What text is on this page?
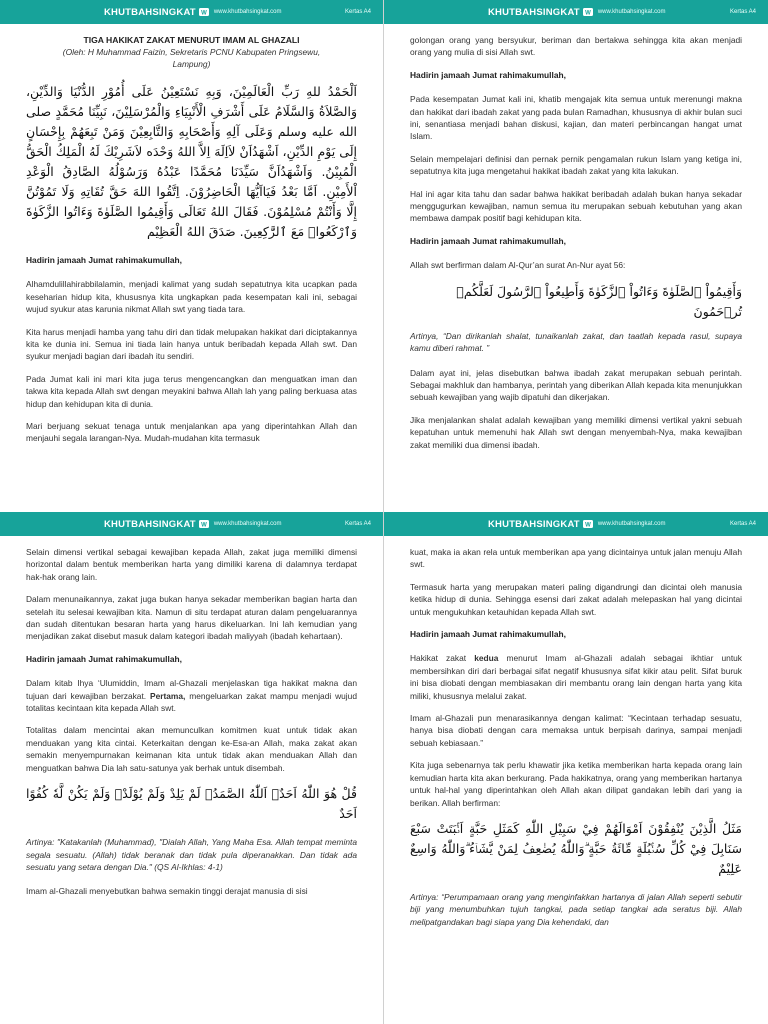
KHUTBAHSINGKAT W www.khutbahsingkat.com	Kertas A4
TIGA HAKIKAT ZAKAT MENURUT IMAM AL GHAZALI
(Oleh: H Muhammad Faizin, Sekretaris PCNU Kabupaten Pringsewu,
Lampung)
اَلْحَمْدُ للهِ رَبِّ الْعَالَمِيْنَ، وَبِهِ نَسْتَعِيْنُ عَلَى أُمُوْرِ الدُّنْيَا وَالدِّيْنِ، وَالصَّلاَةُ وَالسَّلَامُ عَلَى أَشْرَفِ الْأَنْبِيَاءِ وَالْمُرْسَلِيْنَ، نَبِيِّنَا مُحَمَّدٍ صلى الله عليه وسلم وَعَلَى آلِهِ وَأَصْحَابِهِ وَالتَّابِعِيْنَ وَمَنْ تَبِعَهُمْ بِإِحْسَانٍ إِلَى يَوْمِ الدِّيْنِ، اَشْهَدُاَنْ لاَاِلَهَ اِلاَّ اللهُ وَحْدَه لاَشَرِيْكَ لَهُ الْمَلِكُ الْحَقُّ الْمُبِيْنُ. وَاَشْهَدُاَنَّ سَيِّدَنَا مُحَمَّدًا عَبْدُهُ وَرَسُوْلُهُ الصَّادِقُ الْوَعْدِ اْلأَمِيْنِ. اَمَّا بَعْدُ فَيَااَيُّهَا الْحَاضِرُوْنَ. اِتَّقُوا اللهَ حَقَّ تُقَاتِهِ وَلَا تَمُوْتُنَّ إِلَّا وَأَنْتُمْ مُسْلِمُوْنَ. فَقَالَ اللهُ تَعَالَى وَأَقِيمُوا الصَّلَوٰةَ وَءَاتُوا الزَّكَوٰةَ وَٱرْكَعُوا۟ مَعَ ٱلرَّٰكِعِينَ. صَدَقَ اللهُ الْعَظِيْم
Hadirin jamaah Jumat rahimakumullah,
Alhamdulillahirabbilalamin, menjadi kalimat yang sudah sepatutnya kita ucapkan pada keseharian hidup kita, khususnya kita ungkapkan pada kesempatan kali ini, sebagai wujud syukur atas karunia nikmat Allah swt yang tiada tara.
Kita harus menjadi hamba yang tahu diri dan tidak melupakan hakikat dari diciptakannya kita ke dunia ini. Semua ini tiada lain hanya untuk beribadah kepada Allah swt. Dan syukur menjadi bagian dari ibadah itu sendiri.
Pada Jumat kali ini mari kita juga terus mengencangkan dan menguatkan iman dan takwa kita kepada Allah swt dengan meyakini bahwa Allah lah yang paling berkuasa atas hidup dan kehidupan kita di dunia.
Mari berjuang sekuat tenaga untuk menjalankan apa yang diperintahkan Allah dan menjauhi segala larangan-Nya. Mudah-mudahan kita termasuk
KHUTBAHSINGKAT W www.khutbahsingkat.com	Kertas A4
golongan orang yang bersyukur, beriman dan bertakwa sehingga kita akan menjadi orang yang mulia di sisi Allah swt.
Hadirin jamaah Jumat rahimakumullah,
Pada kesempatan Jumat kali ini, khatib mengajak kita semua untuk merenungi makna dan hakikat dari ibadah zakat yang pada bulan Ramadhan, khususnya di akhir bulan suci ini, senantiasa menjadi bahan diskusi, kajian, dan materi perbincangan hangat umat Islam.
Selain mempelajari definisi dan pernak pernik pengamalan rukun Islam yang ketiga ini, sepatutnya kita juga mengetahui hakikat ibadah zakat yang kita lakukan.
Hal ini agar kita tahu dan sadar bahwa hakikat beribadah adalah bukan hanya sekadar menggugurkan kewajiban, namun semua itu merupakan sebuah kebutuhan yang akan membawa dampak positif bagi kehidupan kita.
Hadirin jamaah Jumat rahimakumullah,
Allah swt berfirman dalam Al-Qur’an surat An-Nur ayat 56:
وَأَقِيمُواْ ٱلصَّلَوٰةَ وَءَاتُواْ ٱلزَّكَوٰةَ وَأَطِيعُواْ ٱلرَّسُولَ لَعَلَّكُمۡ تُرۡحَمُونَ
Artinya, “Dan dirikanlah shalat, tunaikanlah zakat, dan taatlah kepada rasul, supaya kamu diberi rahmat. ”
Dalam ayat ini, jelas disebutkan bahwa ibadah zakat merupakan sebuah perintah. Sebagai makhluk dan hambanya, perintah yang diberikan Allah kepada kita menunjukkan sebuah kewajiban yang wajib dipatuhi dan dikerjakan.
Jika menjalankan shalat adalah kewajiban yang memiliki dimensi vertikal yakni sebuah kepatuhan untuk memenuhi hak Allah swt dengan menyembah-Nya, maka kewajiban zakat memiliki dua dimensi ibadah.
KHUTBAHSINGKAT W www.khutbahsingkat.com	Kertas A4
Selain dimensi vertikal sebagai kewajiban kepada Allah, zakat juga memiliki dimensi horizontal dalam bentuk memberikan harta yang dimiliki karena di dalamnya terdapat hak-hak orang lain.
Dalam menunaikannya, zakat juga bukan hanya sekadar memberikan bagian harta dan setelah itu selesai kewajiban kita. Namun di situ terdapat aturan dalam pengeluarannya dan sudah ditentukan besaran harta yang harus dikeluarkan. Ini lah kemudian yang menjadikan zakat disebut masuk dalam kategori ibadah maliyyah (ibadah kehartaan).
Hadirin jamaah Jumat rahimakumullah,
Dalam kitab Ihya ‘Ulumiddin, Imam al-Ghazali menjelaskan tiga hakikat makna dan tujuan dari kewajiban berzakat. Pertama, mengeluarkan zakat mampu menjadi wujud totalitas kecintaan kita kepada Allah swt.
Totalitas dalam mencintai akan memunculkan komitmen kuat untuk tidak akan menduakan yang kita cintai. Keterkaitan dengan ke-Esa-an Allah, maka zakat akan semakin menyempurnakan keimanan kita untuk tidak akan menduakan Allah dan menguatkan bahwa Dia lah satu-satunya yak berhak untuk disembah.
قُلْ هُوَ اللّٰهُ اَحَدٌۚ اَللّٰهُ الصَّمَدُۚ لَمْ يَلِدْ وَلَمْ يُوْلَدْۙ وَلَمْ يَكُنْ لَّهٗ كُفُوًا اَحَدٌ
Artinya: "Katakanlah (Muhammad), "Dialah Allah, Yang Maha Esa. Allah tempat meminta segala sesuatu. (Allah) tidak beranak dan tidak pula diperanakkan. Dan tidak ada sesuatu yang setara dengan Dia." (QS Al-Ikhlas: 4-1)
Imam al-Ghazali menyebutkan bahwa semakin tinggi derajat manusia di sisi
KHUTBAHSINGKAT W www.khutbahsingkat.com	Kertas A4
kuat, maka ia akan rela untuk memberikan apa yang dicintainya untuk jalan menuju Allah swt.
Termasuk harta yang merupakan materi paling digandrungi dan dicintai oleh manusia ketika hidup di dunia. Sehingga esensi dari zakat adalah melepaskan hal yang dicintai untuk mengukuhkan ketauhidan kepada Allah swt.
Hadirin jamaah Jumat rahimakumullah,
Hakikat zakat kedua menurut Imam al-Ghazali adalah sebagai ikhtiar untuk membersihkan diri dari berbagai sifat negatif khususnya sifat kikir atau pelit. Sifat buruk ini bisa diobati dengan membiasakan diri membantu orang lain dengan harta yang kita miliki, khususnya melalui zakat.
Imam al-Ghazali pun menarasikannya dengan kalimat: “Kecintaan terhadap sesuatu, hanya bisa diobati dengan cara memaksa untuk berpisah darinya, sampai menjadi sebuah kebiasaan.”
Kita juga sebenarnya tak perlu khawatir jika ketika memberikan harta kepada orang lain kemudian harta kita akan berkurang. Pada hakikatnya, orang yang memberikan hartanya untuk hal-hal yang diperintahkan oleh Allah akan dilipat gandakan lebih dari yang ia berikan. Allah berfirman:
مَثَلُ الَّذِيْنَ يُنْفِقُوْنَ اَمْوَالَهُمْ فِيْ سَبِيْلِ اللّٰهِ كَمَثَلِ حَبَّةٍ اَنْۢبَتَتْ سَبْعَ سَنَابِلَ فِيْ كُلِّ سُنْۢبُلَةٍ مِّائَةُ حَبَّةٍ ۗوَاللّٰهُ يُضٰعِفُ لِمَنْ يَّشَاۤءُ ۗوَاللّٰهُ وَاسِعٌ عَلِيْمٌ
Artinya: “Perumpamaan orang yang menginfakkan hartanya di jalan Allah seperti sebutir biji yang menumbuhkan tujuh tangkai, pada setiap tangkai ada seratus biji. Allah melipatgandakan bagi siapa yang Dia kehendaki, dan
